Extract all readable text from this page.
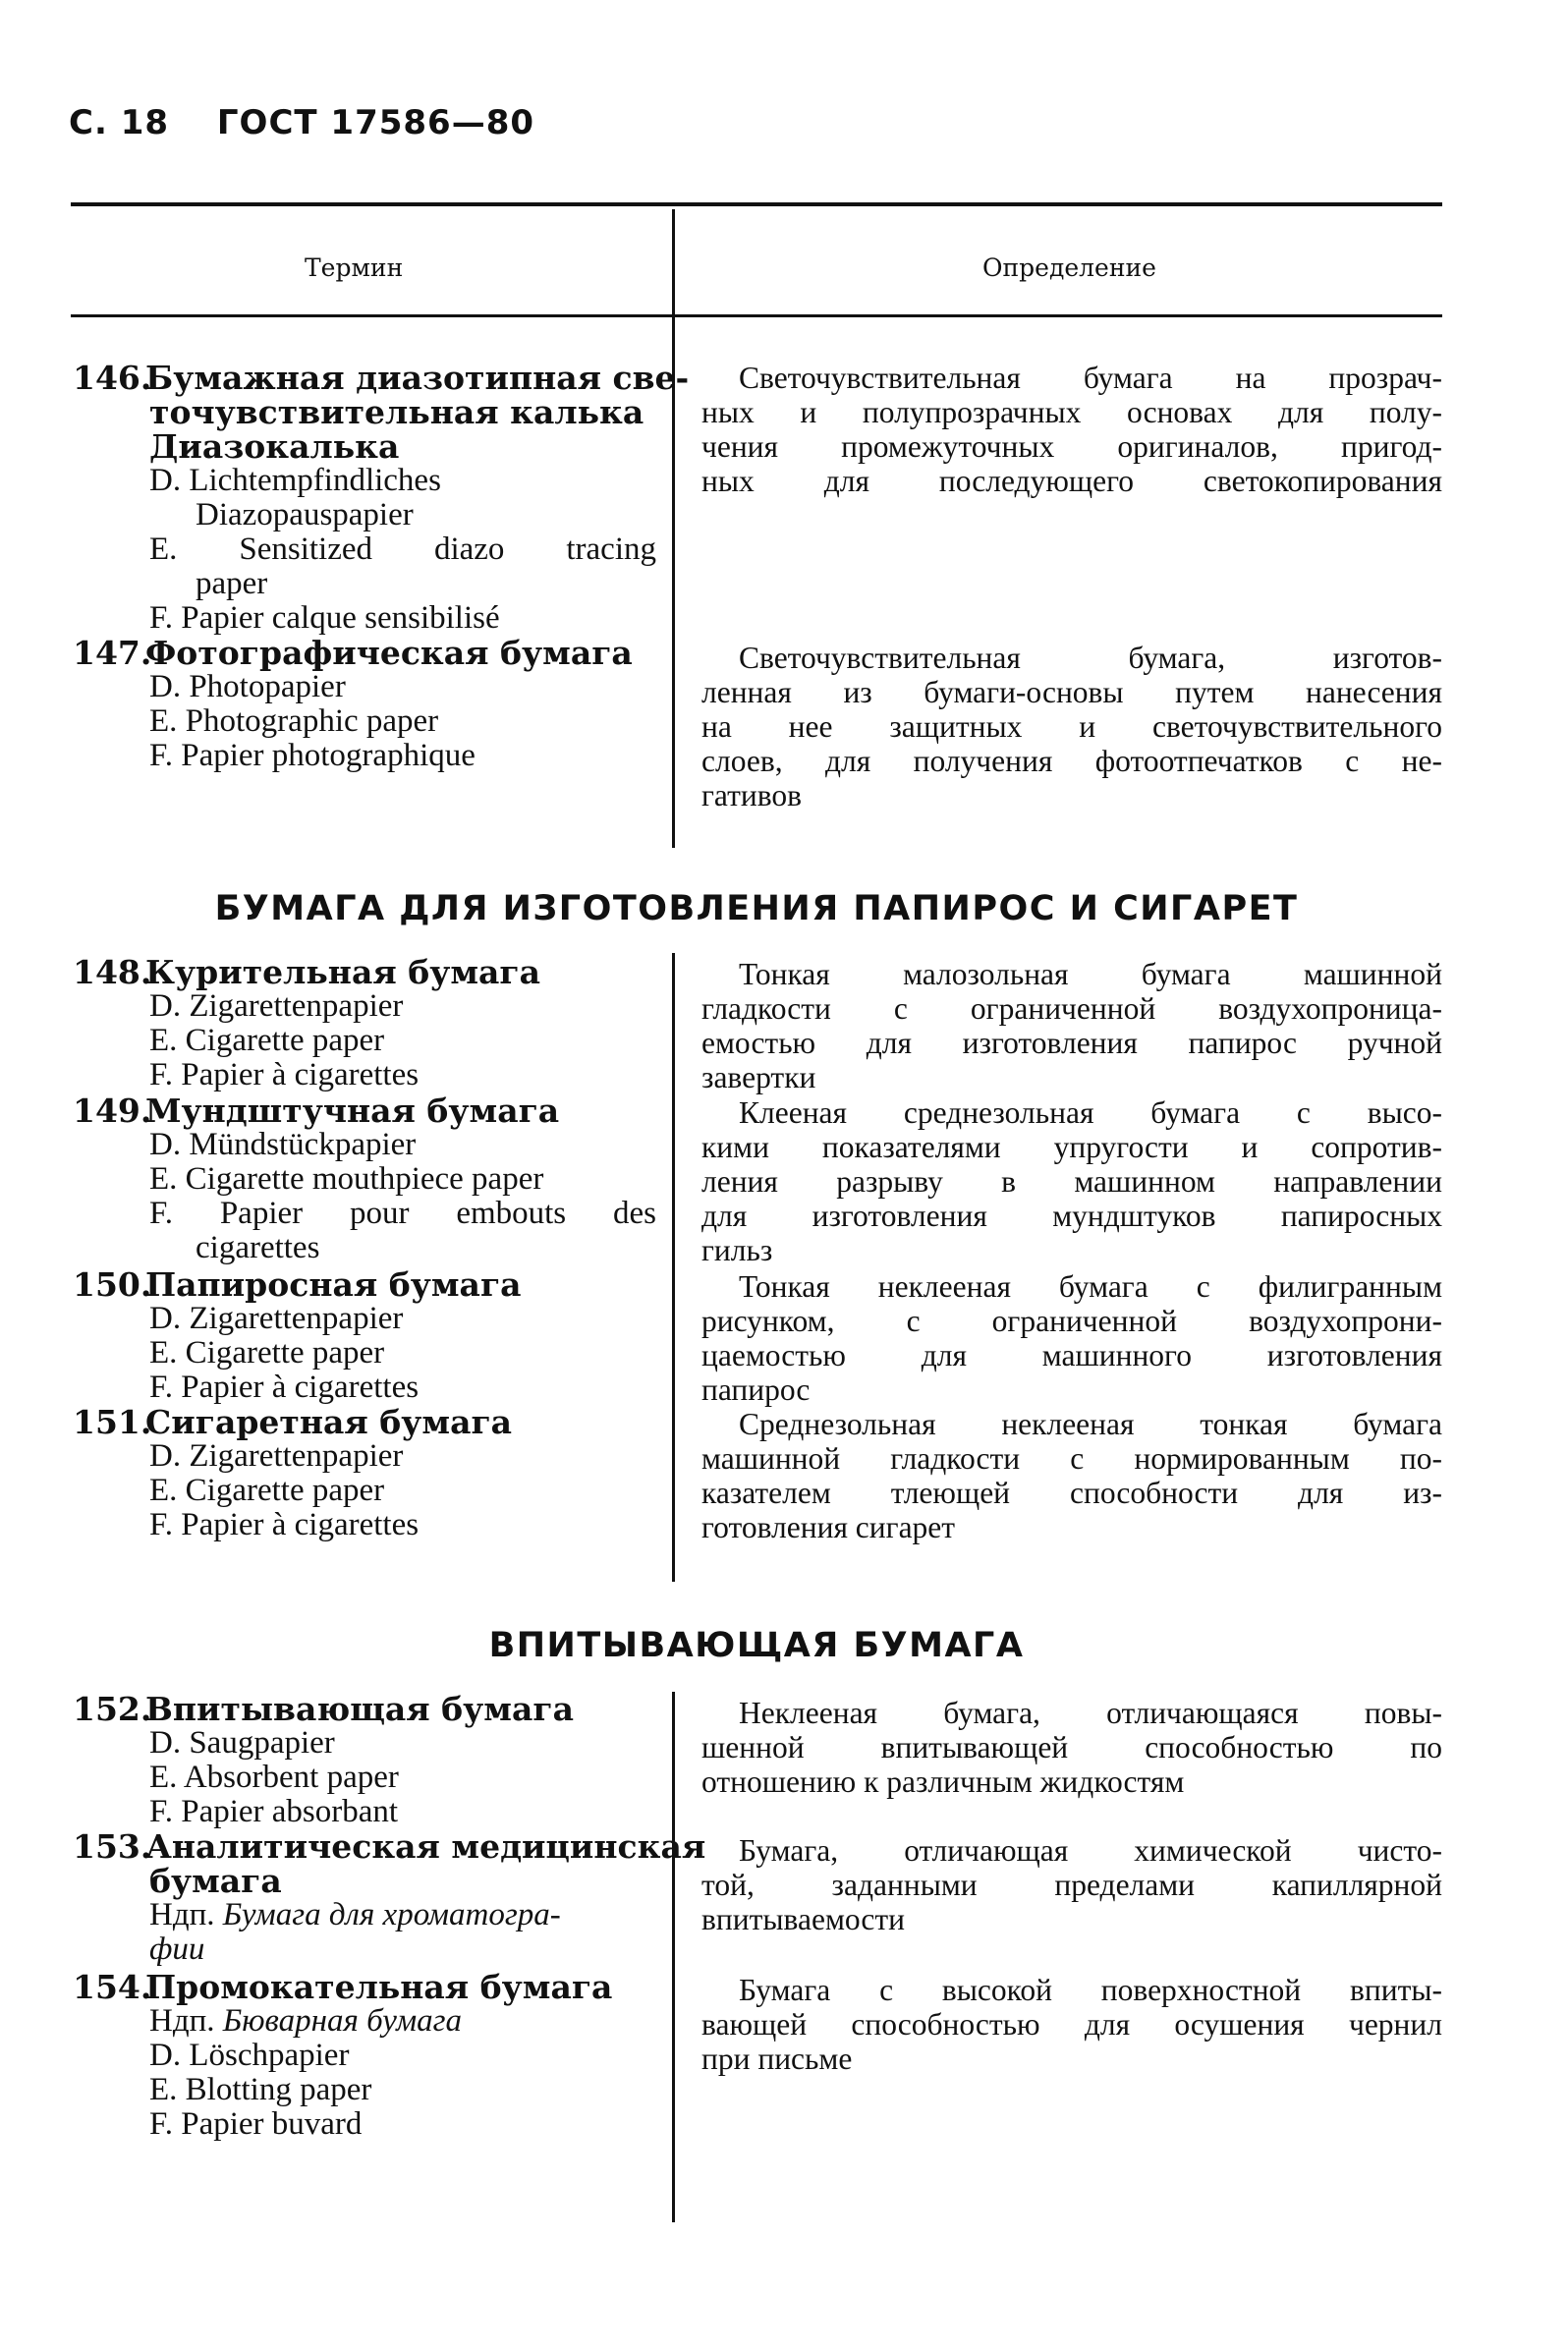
С. 18 ГОСТ 17586—80
Термин	Определение
146.Бумажная диазотипная све-
точувствительная калька
Диазокалька
D. Lichtempfindliches
Diazopauspapier
E. Sensitized diazo tracing
paper
F. Papier calque sensibilisé
Светочувствительная бумага на прозрач-
ных и полупрозрачных основах для полу-
чения промежуточных оригиналов, пригод-
ных для последующего светокопирования
147.Фотографическая бумага
D. Photopapier
E. Photographic paper
F. Papier photographique
Светочувствительная бумага, изготов-
ленная из бумаги-основы путем нанесения
на нее защитных и светочувствительного
слоев, для получения фотоотпечатков с не-
гативов
БУМАГА ДЛЯ ИЗГОТОВЛЕНИЯ ПАПИРОС И СИГАРЕТ
148.Курительная бумага
D. Zigarettenpapier
E. Cigarette paper
F. Papier à cigarettes
Тонкая малозольная бумага машинной
гладкости с ограниченной воздухопроница-
емостью для изготовления папирос ручной
завертки
149.Мундштучная бумага
D. Mündstückpapier
E. Cigarette mouthpiece paper
F. Papier pour embouts des
cigarettes
Клееная среднезольная бумага с высо-
кими показателями упругости и сопротив-
ления разрыву в машинном направлении
для изготовления мундштуков папиросных
гильз
150.Папиросная бумага
D. Zigarettenpapier
E. Cigarette paper
F. Papier à cigarettes
Тонкая неклееная бумага с филигранным
рисунком, с ограниченной воздухопрони-
цаемостью для машинного изготовления
папирос
151.Сигаретная бумага
D. Zigarettenpapier
E. Cigarette paper
F. Papier à cigarettes
Среднезольная неклееная тонкая бумага
машинной гладкости с нормированным по-
казателем тлеющей способности для из-
готовления сигарет
ВПИТЫВАЮЩАЯ БУМАГА
152.Впитывающая бумага
D. Saugpapier
E. Absorbent paper
F. Papier absorbant
Неклееная бумага, отличающаяся повы-
шенной впитывающей способностью по
отношению к различным жидкостям
153.Аналитическая медицинская
бумага
Ндп. Бумага для хроматогра-
фии
Бумага, отличающая химической чисто-
той, заданными пределами капиллярной
впитываемости
154.Промокательная бумага
Ндп. Бюварная бумага
D. Löschpapier
E. Blotting paper
F. Papier buvard
Бумага с высокой поверхностной впиты-
вающей способностью для осушения чернил
при письме
